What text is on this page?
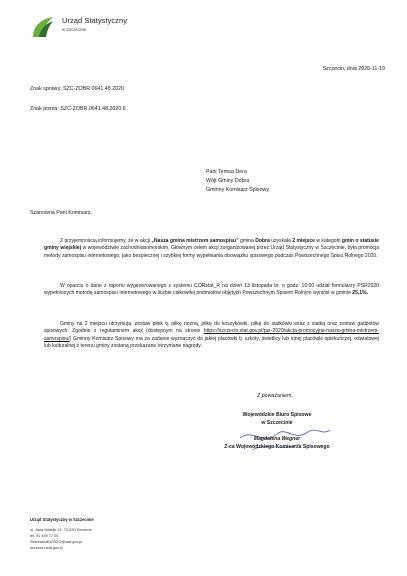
Urząd Statystyczny
w Szczecinie
Szczecin, dnia 2020-11-19
Znak sprawy: SZC-ZOBR.0641.48.2020
Znak pisma: SZC-ZOBR.0641.48.2020.6
Pani Teresa Dera
Wójt Gminy Dobra
Gminny Komisarz Spisowy
Szanowna Pani Komisarz,

Z przyjemnością informujemy, że w akcji „Nasza gmina mistrzem samospisu” gmina Dobra uzyskała 2 miejsce w kategorii gmin o statusie gminy wiejskiej w województwie zachodniopomorskim. Głównym celem akcji zorganizowanej przez Urząd Statystyczny w Szczecinie, była promocja metody samospisu internetowego, jako bezpiecznej i szybkiej formy wypełniania obowiązku spisowego podczas Powszechnego Spisu Rolnego 2020.

W oparciu o dane z raportu wygenerowanego z systemu CORstat_R na dzień 13 listopada br. o godz. 16:00 udział formularzy PSR2020 wypełnionych metodą samospisu internetowego w liczbie całkowitej podmiotów objętych Powszechnym Spisem Rolnym wyniósł w gminie 25,1%.

Gminy na 2 miejscu otrzymują: zestaw piłek tj. piłkę nożną, piłkę do koszykówki, piłkę do siatkówki wraz z siatką oraz zestaw gadżetów spisowych. Zgodnie z regulaminem akcji (dostępnym na stronie https://szczecin.stat.gov.pl/psr-2020/akcja-promocyjna-nasza-gmina-mistrzem-samospisu/) Gminny Komisarz Spisowy ma za zadanie wyznaczyć do jakiej placówki tj. szkoły, świetlicy lub innej placówki opiekuńczej, oświatowej lub kulturalnej z terenu gminy zostaną przekazane otrzymane nagrody.

Z poważaniem,
Wojewódzkie Biuro Spisowe
w Szczecinie
Magdalena Wegner
Z-ca Wojewódzkiego Komisarza Spisowego
Urząd Statystyczny w Szczecinie
ul. Jana Matejki 22, 70-530 Szczecin
tel. 91 459 77 00
SekretariatUSSZC@stat.gov.pl
szczecin.stat.gov.pl
